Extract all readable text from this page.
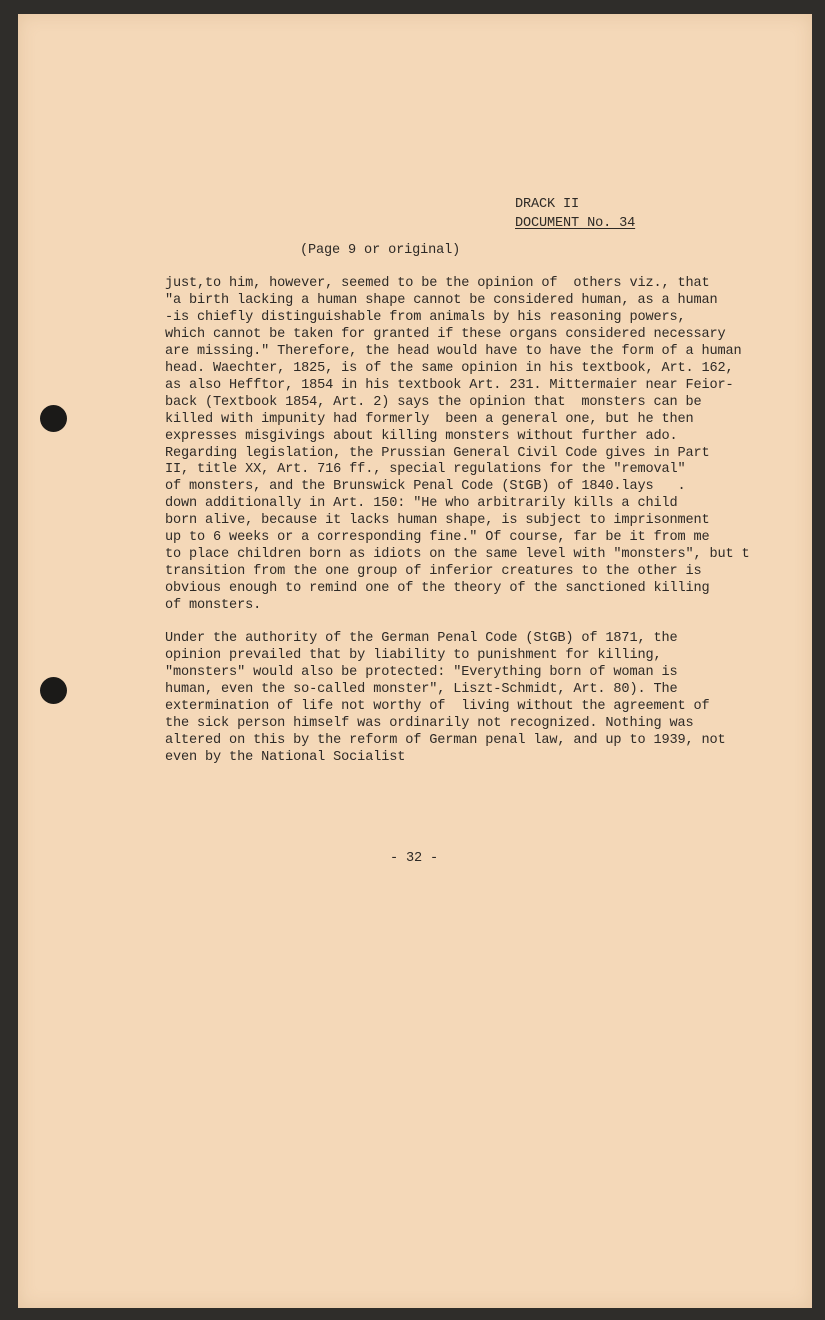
DRACK II
DOCUMENT No. 34
(Page 9 or original)
just,to him, however, seemed to be the opinion of  others viz., that
"a birth lacking a human shape cannot be considered human, as a human
-is chiefly distinguishable from animals by his reasoning powers,
which cannot be taken for granted if these organs considered necessary
are missing." Therefore, the head would have to have the form of a human
head. Waechter, 1825, is of the same opinion in his textbook, Art. 162,
as also Hefftor, 1854 in his textbook Art. 231. Mittermaier near Feior-
back (Textbook 1854, Art. 2) says the opinion that  monsters can be
killed with impunity had formerly  been a general one, but he then
expresses misgivings about killing monsters without further ado.
Regarding legislation, the Prussian General Civil Code gives in Part
II, title XX, Art. 716 ff., special regulations for the "removal"
of monsters, and the Brunswick Penal Code (StGB) of 1840.lays   .
down additionally in Art. 150: "He who arbitrarily kills a child
born alive, because it lacks human shape, is subject to imprisonment
up to 6 weeks or a corresponding fine." Of course, far be it from me
to place children born as idiots on the same level with "monsters", but t
transition from the one group of inferior creatures to the other is
obvious enough to remind one of the theory of the sanctioned killing
of monsters.
Under the authority of the German Penal Code (StGB) of 1871, the
opinion prevailed that by liability to punishment for killing,
"monsters" would also be protected: "Everything born of woman is
human, even the so-called monster", Liszt-Schmidt, Art. 80). The
extermination of life not worthy of  living without the agreement of
the sick person himself was ordinarily not recognized. Nothing was
altered on this by the reform of German penal law, and up to 1939, not
even by the National Socialist
- 32 -
